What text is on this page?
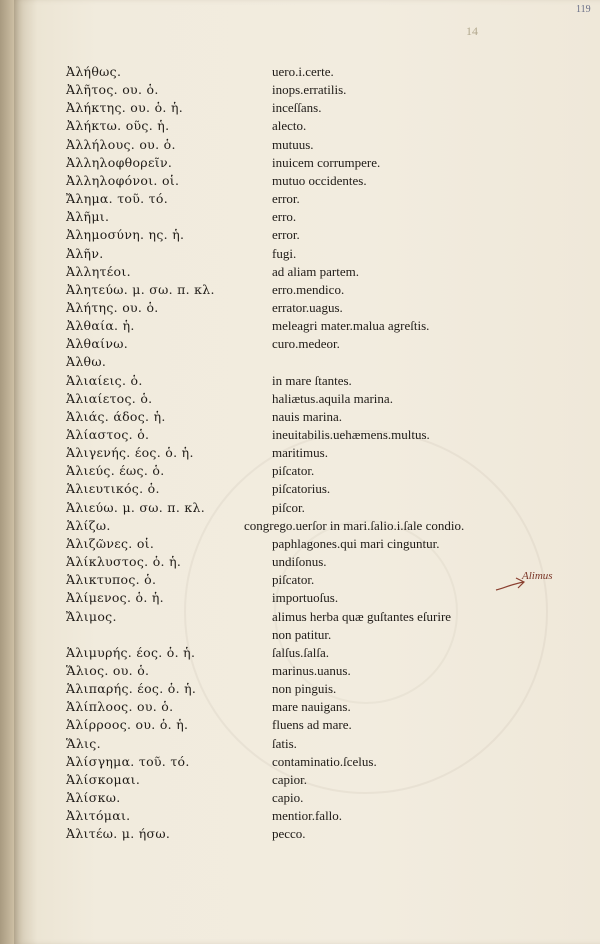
119
14
Ἀλήθως.	uero.i.certe.
Ἀλῆτος. ου. ὁ.	inops.erratilis.
Ἀλήκτης. ου. ὁ. ἡ.	inceſſans.
Ἀλήκτω. οῦς. ἡ.	alecto.
Ἀλλήλους. ου. ὁ.	mutuus.
Ἀλληλοφθορεῖν.	inuicem corrumpere.
Ἀλληλοφόνοι. οἱ.	mutuo occidentes.
Ἄλημα. τοῦ. τό.	error.
Ἀλῆμι.	erro.
Ἀλημοσύνη. ης. ἡ.	error.
Ἀλῆν.	fugi.
Ἀλλητέοι.	ad aliam partem.
Ἀλητεύω. μ. σω. π. κλ.	erro.mendico.
Ἀλήτης. ου. ὁ.	errator.uagus.
Ἀλθαία. ἡ.	meleagri mater.malua agreſtis.
Ἀλθαίνω.	curo.medeor.
Ἀλθω.
Ἁλιαίεις. ὁ.	in mare ſtantes.
Ἁλιαίετος. ὁ.	haliætus.aquila marina.
Ἁλιάς. άδος. ἡ.	nauis marina.
Ἁλίαστος. ὁ.	ineuitabilis.uehæmens.multus.
Ἁλιγενής. έος. ὁ. ἡ.	maritimus.
Ἁλιεύς. έως. ὁ.	piſcator.
Ἁλιευτικός. ὁ.	piſcatorius.
Ἁλιεύω. μ. σω. π. κλ.	piſcor.
Ἁλίζω.	congrego.uerſor in mari.ſalio.i.ſale condio.
Ἁλιζῶνες. οἱ.	paphlagones.qui mari cinguntur.
Ἁλίκλυστος. ὁ. ἡ.	undiſonus.
Ἁλικτυπος. ὁ.	piſcator.
Ἀλίμενος. ὁ. ἡ.	importuoſus.
Ἄλιμος.	alimus herba quæ guſtantes eſurire
non patitur.
Ἁλιμυρής. έος. ὁ. ἡ.	ſalſus.ſalſa.
Ἅλιος. ου. ὁ.	marinus.uanus.
Ἁλιπαρής. έος. ὁ. ἡ.	non pinguis.
Ἁλίπλοος. ου. ὁ.	mare nauigans.
Ἁλίρροος. ου. ὁ. ἡ.	fluens ad mare.
Ἅλις.	ſatis.
Ἀλίσγημα. τοῦ. τό.	contaminatio.ſcelus.
Ἁλίσκομαι.	capior.
Ἁλίσκω.	capio.
Ἀλιτόμαι.	mentior.fallo.
Ἀλιτέω. μ. ήσω.	pecco.
Alimus
